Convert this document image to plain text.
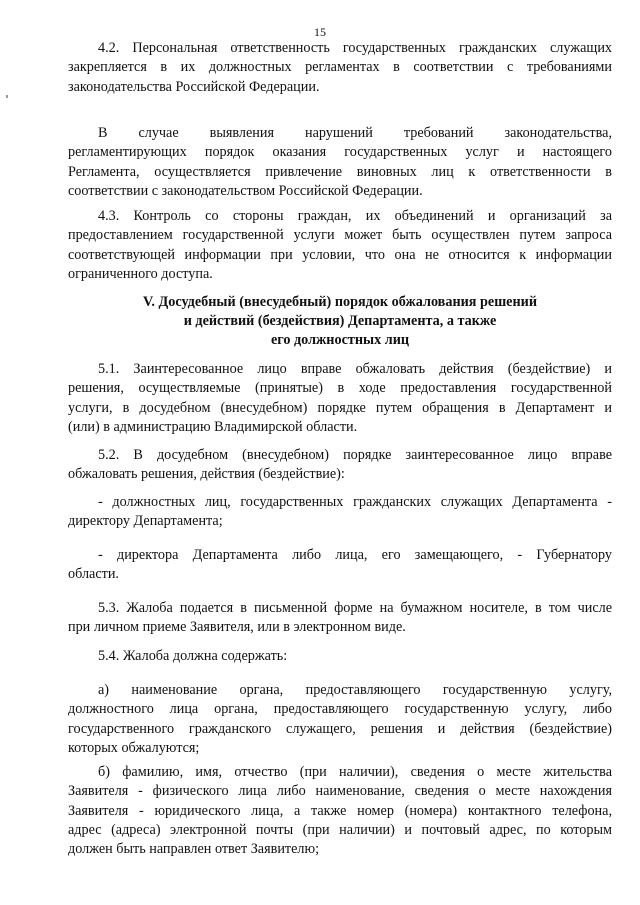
15
4.2. Персональная ответственность государственных гражданских служащих
закрепляется в их должностных регламентах в соответствии с требованиями
законодательства Российской Федерации.
В случае выявления нарушений требований законодательства,
регламентирующих порядок оказания государственных услуг и настоящего
Регламента, осуществляется привлечение виновных лиц к ответственности в
соответствии с законодательством Российской Федерации.
4.3. Контроль со стороны граждан, их объединений и организаций за
предоставлением государственной услуги может быть осуществлен путем запроса
соответствующей информации при условии, что она не относится к информации
ограниченного доступа.
V. Досудебный (внесудебный) порядок обжалования решений
и действий (бездействия) Департамента, а также
его должностных лиц
5.1. Заинтересованное лицо вправе обжаловать действия (бездействие) и
решения, осуществляемые (принятые) в ходе предоставления государственной
услуги, в досудебном (внесудебном) порядке путем обращения в Департамент и
(или) в администрацию Владимирской области.
5.2. В досудебном (внесудебном) порядке заинтересованное лицо вправе
обжаловать решения, действия (бездействие):
- должностных лиц, государственных гражданских служащих Департамента -
директору Департамента;
- директора Департамента либо лица, его замещающего, - Губернатору
области.
5.3. Жалоба подается в письменной форме на бумажном носителе, в том числе
при личном приеме Заявителя, или в электронном виде.
5.4. Жалоба должна содержать:
а) наименование органа, предоставляющего государственную услугу,
должностного лица органа, предоставляющего государственную услугу, либо
государственного гражданского служащего, решения и действия (бездействие)
которых обжалуются;
б) фамилию, имя, отчество (при наличии), сведения о месте жительства
Заявителя - физического лица либо наименование, сведения о месте нахождения
Заявителя - юридического лица, а также номер (номера) контактного телефона,
адрес (адреса) электронной почты (при наличии) и почтовый адрес, по которым
должен быть направлен ответ Заявителю;
